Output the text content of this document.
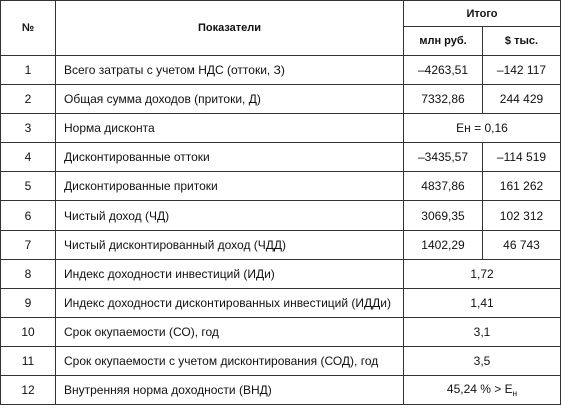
№	Показатели	Итого	
		млн руб.	$ тыс.
1	Всего затраты с учетом НДС (оттоки, З)	–4263,51	–142 117
2	Общая сумма доходов (притоки, Д)	7332,86	244 429
3	Норма дисконта	Eн = 0,16	
4	Дисконтированные оттоки	–3435,57	–114 519
5	Дисконтированные притоки	4837,86	161 262
6	Чистый доход (ЧД)	3069,35	102 312
7	Чистый дисконтированный доход (ЧДД)	1402,29	46 743
8	Индекс доходности инвестиций (ИДи)	1,72	
9	Индекс доходности дисконтированных инвестиций (ИДДи)	1,41	
10	Срок окупаемости (СО), год	3,1	
11	Срок окупаемости с учетом дисконтирования (СОД), год	3,5	
12	Внутренняя норма доходности (ВНД)	45,24 % > $E_н$
